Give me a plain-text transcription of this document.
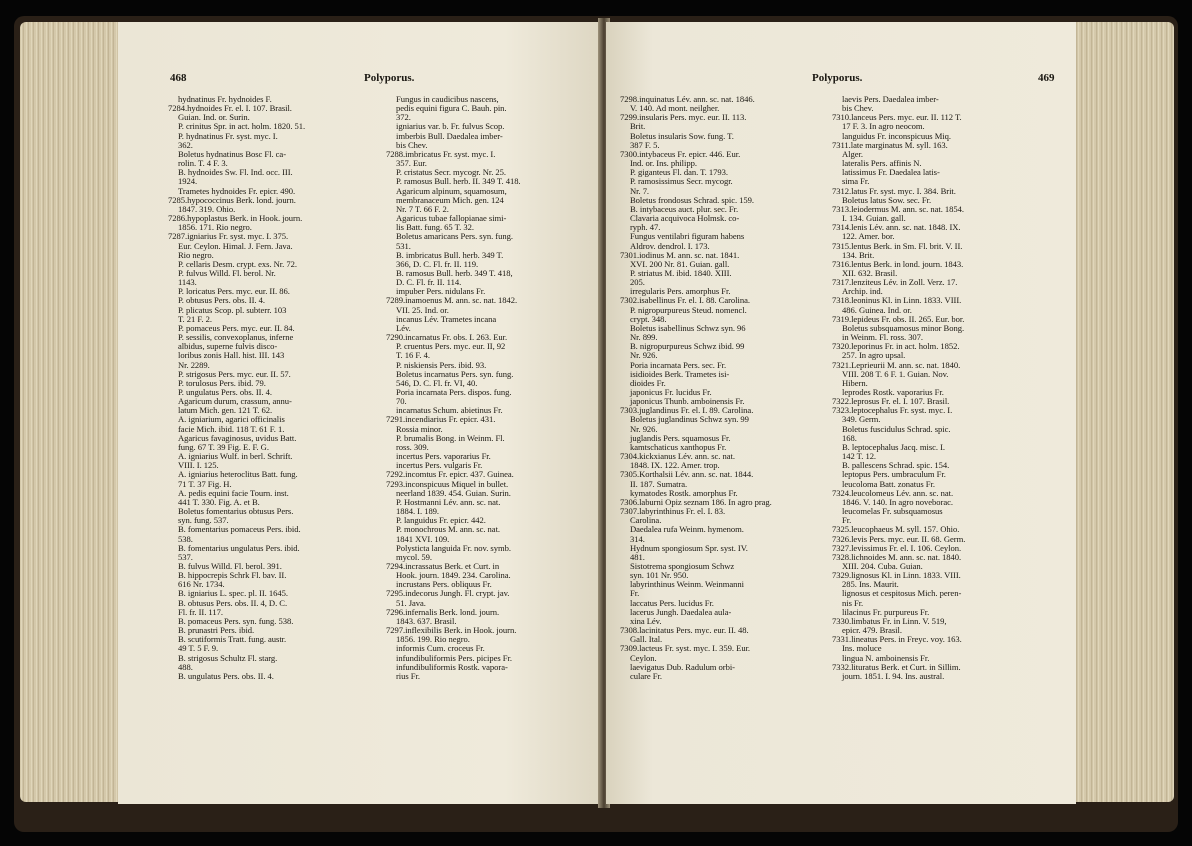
468	Polyporus.
hydnatinus Fr. hydnoides F.
7284.hydnoides Fr. el. I. 107. Brasil.
Guian. Ind. or. Surin.
P. crinitus Spr. in act. holm. 1820. 51.
P. hydnatinus Fr. syst. myc. I.
362.
Boletus hydnatinus Bosc Fl. ca-
rolin. T. 4 F. 3.
B. hydnoides Sw. Fl. Ind. occ. III.
1924.
Trametes hydnoides Fr. epicr. 490.
7285.hypococcinus Berk. lond. journ.
1847. 319. Ohio.
7286.hypoplastus Berk. in Hook. journ.
1856. 171. Rio negro.
7287.igniarius Fr. syst. myc. I. 375.
Eur. Ceylon. Himal. J. Fern. Java.
Rio negro.
P. cellaris Desm. crypt. exs. Nr. 72.
P. fulvus Willd. Fl. berol. Nr.
1143.
P. loricatus Pers. myc. eur. II. 86.
P. obtusus Pers. obs. II. 4.
P. plicatus Scop. pl. subterr. 103
T. 21 F. 2.
P. pomaceus Pers. myc. eur. II. 84.
P. sessilis, convexoplanus, inferne
albidus, superne fulvis disco-
loribus zonis Hall. hist. III. 143
Nr. 2289.
P. strigosus Pers. myc. eur. II. 57.
P. torulosus Pers. ibid. 79.
P. ungulatus Pers. obs. II. 4.
Agaricum durum, crassum, annu-
latum Mich. gen. 121 T. 62.
A. igniarium, agarici officinalis
facie Mich. ibid. 118 T. 61 F. 1.
Agaricus favaginosus, uvidus Batt.
fung. 67 T. 39 Fig. E. F. G.
A. igniarius Wulf. in berl. Schrift.
VIII. I. 125.
A. igniarius heteroclitus Batt. fung.
71 T. 37 Fig. H.
A. pedis equini facie Tourn. inst.
441 T. 330. Fig. A. et B.
Boletus fomentarius obtusus Pers.
syn. fung. 537.
B. fomentarius pomaceus Pers. ibid.
538.
B. fomentarius ungulatus Pers. ibid.
537.
B. fulvus Willd. Fl. berol. 391.
B. hippocrepis Schrk Fl. bav. II.
616 Nr. 1734.
B. igniarius L. spec. pl. II. 1645.
B. obtusus Pers. obs. II. 4, D. C.
Fl. fr. II. 117.
B. pomaceus Pers. syn. fung. 538.
B. prunastri Pers. ibid.
B. scutiformis Tratt. fung. austr.
49 T. 5 F. 9.
B. strigosus Schultz Fl. starg.
488.
B. ungulatus Pers. obs. II. 4.
Fungus in caudicibus nascens,
pedis equini figura C. Bauh. pin.
372.
igniarius var. b. Fr. fulvus Scop.
imberbis Bull. Daedalea imber-
bis Chev.
7288.imbricatus Fr. syst. myc. I.
357. Eur.
P. cristatus Secr. mycogr. Nr. 25.
P. ramosus Bull. herb. II. 349 T. 418.
Agaricum alpinum, squamosum,
membranaceum Mich. gen. 124
Nr. 7 T. 66 F. 2.
Agaricus tubae fallopianae simi-
lis Batt. fung. 65 T. 32.
Boletus amaricans Pers. syn. fung.
531.
B. imbricatus Bull. herb. 349 T.
366, D. C. Fl. fr. II. 119.
B. ramosus Bull. herb. 349 T. 418,
D. C. Fl. fr. II. 114.
impuber Pers. nidulans Fr.
7289.inamoenus M. ann. sc. nat. 1842.
VII. 25. Ind. or.
incanus Lév. Trametes incana
Lév.
7290.incarnatus Fr. obs. I. 263. Eur.
P. cruentus Pers. myc. eur. II, 92
T. 16 F. 4.
P. niskiensis Pers. ibid. 93.
Boletus incarnatus Pers. syn. fung.
546, D. C. Fl. fr. VI, 40.
Poria incarnata Pers. dispos. fung.
70.
incarnatus Schum. abietinus Fr.
7291.incendiarius Fr. epicr. 431.
Rossia minor.
P. brumalis Bong. in Weinm. Fl.
ross. 309.
incertus Pers. vaporarius Fr.
incertus Pers. vulgaris Fr.
7292.incomtus Fr. epicr. 437. Guinea.
7293.inconspicuus Miquel in bullet.
neerland 1839. 454. Guian. Surin.
P. Hostmanni Lév. ann. sc. nat.
1884. I. 189.
P. languidus Fr. epicr. 442.
P. monochrous M. ann. sc. nat.
1841 XVI. 109.
Polystictа languida Fr. nov. symb.
mycol. 59.
7294.incrassatus Berk. et Curt. in
Hook. journ. 1849. 234. Carolina.
incrustans Pers. obliquus Fr.
7295.indecorus Jungh. Fl. crypt. jav.
51. Java.
7296.infernalis Berk. lond. journ.
1843. 637. Brasil.
7297.inflexibilis Berk. in Hook. journ.
1856. 199. Rio negro.
informis Cum. croceus Fr.
infundibuliformis Pers. picipes Fr.
infundibuliformis Rostk. vapora-
rius Fr.
Polyporus.	469
7298.inquinatus Lév. ann. sc. nat. 1846.
V. 140. Ad mont. neilgher.
7299.insularis Pers. myc. eur. II. 113.
Brit.
Boletus insularis Sow. fung. T.
387 F. 5.
7300.intybaceus Fr. epicr. 446. Eur.
Ind. or. Ins. philipp.
P. giganteus Fl. dan. T. 1793.
P. ramosissimus Secr. mycogr.
Nr. 7.
Boletus frondosus Schrad. spic. 159.
B. intybaceus auct. plur. sec. Fr.
Clavaria acquivoca Holmsk. co-
ryph. 47.
Fungus ventilabri figuram habens
Aldrov. dendrol. I. 173.
7301.iodinus M. ann. sc. nat. 1841.
XVI. 200 Nr. 81. Guian. gall.
P. striatus M. ibid. 1840. XIII.
205.
irregularis Pers. amorphus Fr.
7302.isabellinus Fr. el. I. 88. Carolina.
P. nigropurpureus Steud. nomencl.
crypt. 348.
Boletus isabellinus Schwz syn. 96
Nr. 899.
B. nigropurpureus Schwz ibid. 99
Nr. 926.
Poria incarnata Pers. sec. Fr.
isidioides Berk. Trametes isi-
dioides Fr.
japonicus Fr. lucidus Fr.
japonicus Thunb. amboinensis Fr.
7303.juglandinus Fr. el. I. 89. Carolina.
Boletus juglandinus Schwz syn. 99
Nr. 926.
juglandis Pers. squamosus Fr.
kamtschaticus xanthopus Fr.
7304.kickxianus Lév. ann. sc. nat.
1848. IX. 122. Amer. trop.
7305.Korthalsii Lév. ann. sc. nat. 1844.
II. 187. Sumatra.
kymatodes Rostk. amorphus Fr.
7306.laburni Opiz seznam 186. In agro prag.
7307.labyrinthinus Fr. el. I. 83.
Carolina.
Daedalea rufa Weinm. hymenom.
314.
Hydnum spongiosum Spr. syst. IV.
481.
Sistotrema spongiosum Schwz
syn. 101 Nr. 950.
labyrinthinus Weinm. Weinmanni
Fr.
laccatus Pers. lucidus Fr.
lacerus Jungh. Daedalea aula-
xina Lév.
7308.lacinitatus Pers. myc. eur. II. 48.
Gall. Ital.
7309.lacteus Fr. syst. myc. I. 359. Eur.
Ceylon.
laevigatus Dub. Radulum orbi-
culare Fr.
laevis Pers. Daedalea imber-
bis Chev.
7310.lanceus Pers. myc. eur. II. 112 T.
17 F. 3. In agro neocom.
languidus Fr. inconspicuus Miq.
7311.late marginatus M. syll. 163.
Alger.
lateralis Pers. affinis N.
latissimus Fr. Daedalea latis-
sima Fr.
7312.latus Fr. syst. myc. I. 384. Brit.
Boletus latus Sow. sec. Fr.
7313.leiodermus M. ann. sc. nat. 1854.
I. 134. Guian. gall.
7314.lenis Lév. ann. sc. nat. 1848. IX.
122. Amer. bor.
7315.lentus Berk. in Sm. Fl. brit. V. II.
134. Brit.
7316.lentus Berk. in lond. journ. 1843.
XII. 632. Brasil.
7317.lenziteus Lév. in Zoll. Verz. 17.
Archip. ind.
7318.leoninus Kl. in Linn. 1833. VIII.
486. Guinea. Ind. or.
7319.lepideus Fr. obs. II. 265. Eur. bor.
Boletus subsquamosus minor Bong.
in Weinm. Fl. ross. 307.
7320.leporinus Fr. in act. holm. 1852.
257. In agro upsal.
7321.Leprieurii M. ann. sc. nat. 1840.
VIII. 208 T. 6 F. 1. Guian. Nov.
Hibern.
leprodes Rostk. vaporarius Fr.
7322.leprosus Fr. el. I. 107. Brasil.
7323.leptocephalus Fr. syst. myc. I.
349. Germ.
Boletus fuscidulus Schrad. spic.
168.
B. leptocephalus Jacq. misc. I.
142 T. 12.
B. pallescens Schrad. spic. 154.
leptopus Pers. umbraculum Fr.
leucoloma Batt. zonatus Fr.
7324.leucolomeus Lév. ann. sc. nat.
1846. V. 140. In agro noveborac.
leucomelas Fr. subsquamosus
Fr.
7325.leucophaeus M. syll. 157. Ohio.
7326.levis Pers. myc. eur. II. 68. Germ.
7327.levissimus Fr. el. I. 106. Ceylon.
7328.lichnoides M. ann. sc. nat. 1840.
XIII. 204. Cuba. Guian.
7329.lignosus Kl. in Linn. 1833. VIII.
285. Ins. Maurit.
lignosus et cespitosus Mich. peren-
nis Fr.
lilacinus Fr. purpureus Fr.
7330.limbatus Fr. in Linn. V. 519,
epicr. 479. Brasil.
7331.lineatus Pers. in Freyc. voy. 163.
Ins. moluce
lingua N. amboinensis Fr.
7332.lituratus Berk. et Curt. in Sillim.
journ. 1851. I. 94. Ins. austral.
